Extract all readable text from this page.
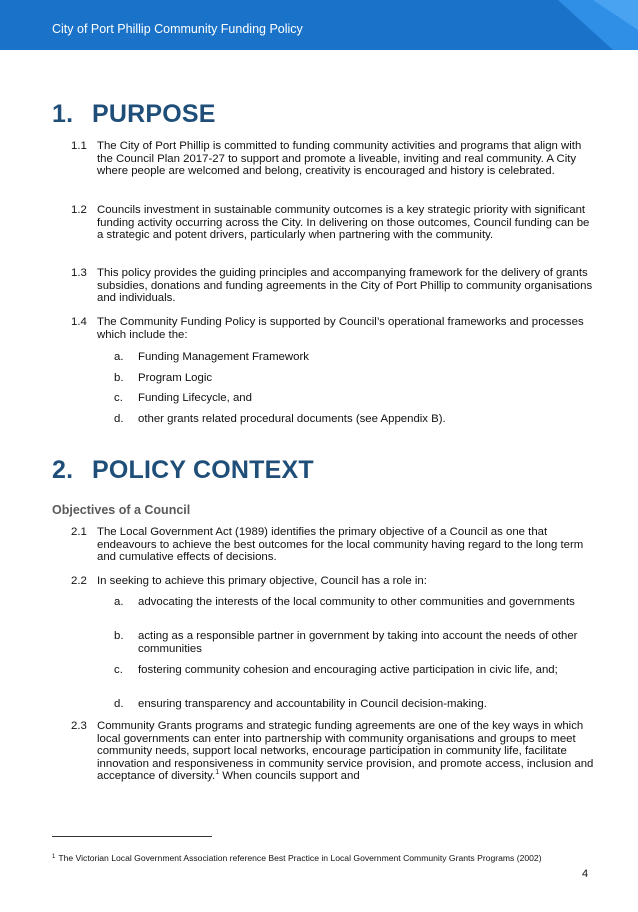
City of Port Phillip Community Funding Policy
1. PURPOSE
1.1 The City of Port Phillip is committed to funding community activities and programs that align with the Council Plan 2017-27 to support and promote a liveable, inviting and real community. A City where people are welcomed and belong, creativity is encouraged and history is celebrated.
1.2 Councils investment in sustainable community outcomes is a key strategic priority with significant funding activity occurring across the City. In delivering on those outcomes, Council funding can be a strategic and potent drivers, particularly when partnering with the community.
1.3 This policy provides the guiding principles and accompanying framework for the delivery of grants subsidies, donations and funding agreements in the City of Port Phillip to community organisations and individuals.
1.4 The Community Funding Policy is supported by Council’s operational frameworks and processes which include the:
a.	Funding Management Framework
b.	Program Logic
c.	Funding Lifecycle, and
d.	other grants related procedural documents (see Appendix B).
2. POLICY CONTEXT
Objectives of a Council
2.1 The Local Government Act (1989) identifies the primary objective of a Council as one that endeavours to achieve the best outcomes for the local community having regard to the long term and cumulative effects of decisions.
2.2 In seeking to achieve this primary objective, Council has a role in:
a.	advocating the interests of the local community to other communities and governments
b.	acting as a responsible partner in government by taking into account the needs of other communities
c.	fostering community cohesion and encouraging active participation in civic life, and;
d.	ensuring transparency and accountability in Council decision-making.
2.3 Community Grants programs and strategic funding agreements are one of the key ways in which local governments can enter into partnership with community organisations and groups to meet community needs, support local networks, encourage participation in community life, facilitate innovation and responsiveness in community service provision, and promote access, inclusion and acceptance of diversity.$^1$ When councils support and
$^1$ The Victorian Local Government Association reference Best Practice in Local Government Community Grants Programs (2002)
4
